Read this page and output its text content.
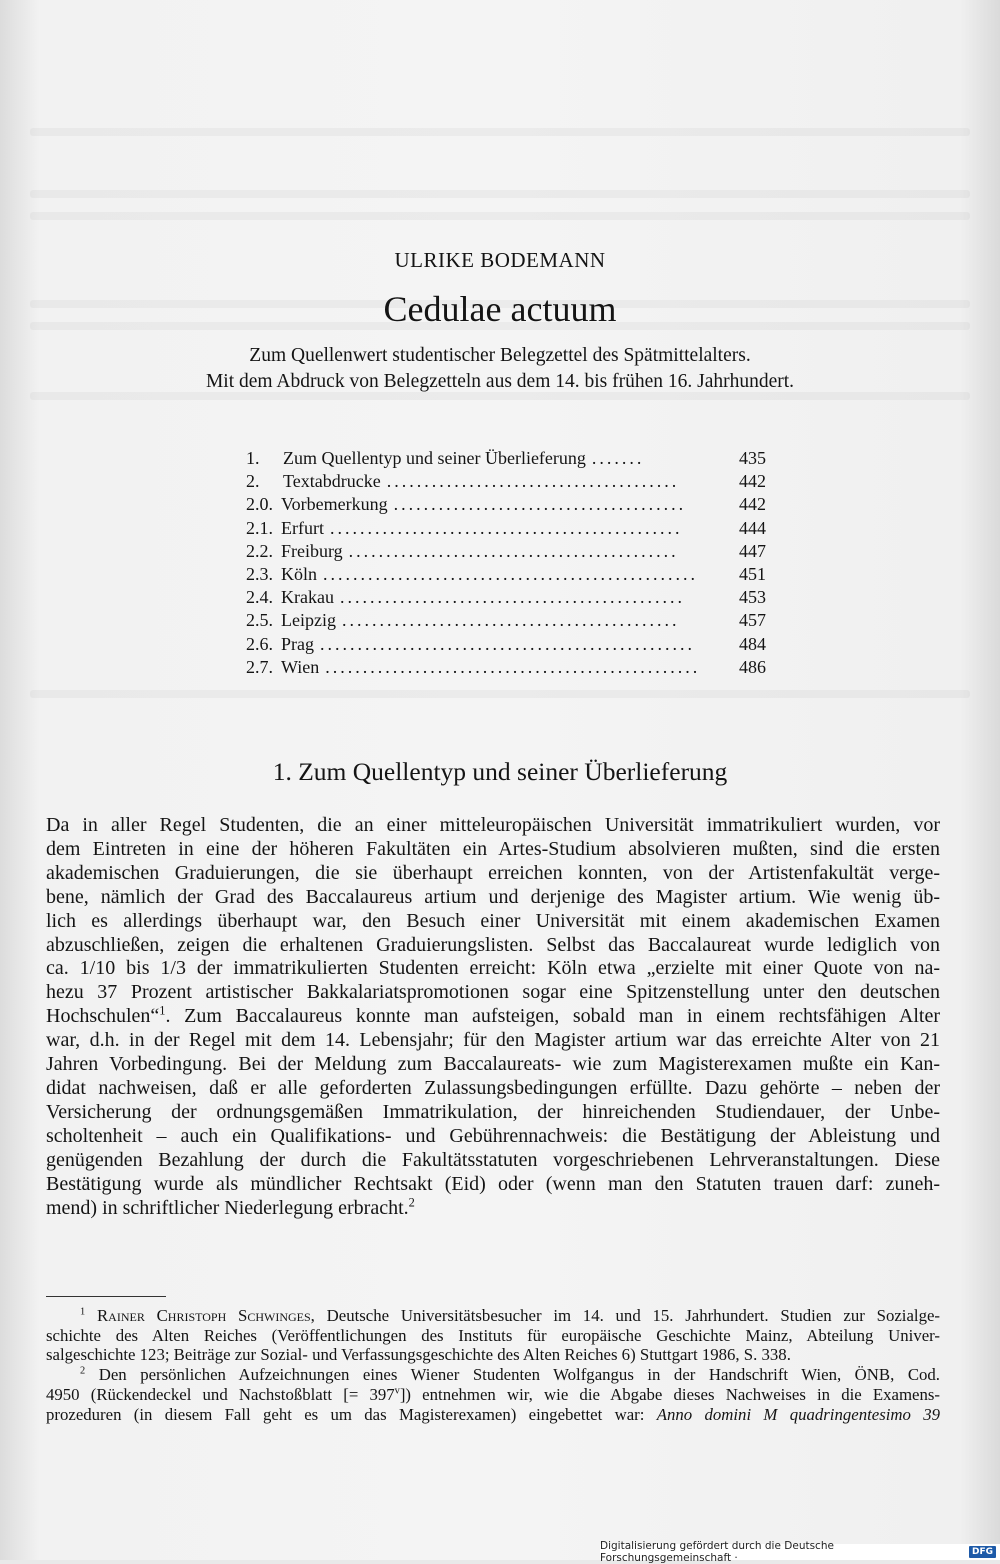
ULRIKE BODEMANN
Cedulae actuum
Zum Quellenwert studentischer Belegzettel des Spätmittelalters.
Mit dem Abdruck von Belegzetteln aus dem 14. bis frühen 16. Jahrhundert.
1.	Zum Quellentyp und seiner Überlieferung .......	435
2.	Textabdrucke .......................................	442
2.0. Vorbemerkung .......................................	442
2.1. Erfurt ...............................................	444
2.2. Freiburg ............................................	447
2.3. Köln ..................................................	451
2.4. Krakau ..............................................	453
2.5. Leipzig .............................................	457
2.6. Prag ..................................................	484
2.7. Wien ..................................................	486
1. Zum Quellentyp und seiner Überlieferung
Da in aller Regel Studenten, die an einer mitteleuropäischen Universität immatrikuliert wurden, vor
dem Eintreten in eine der höheren Fakultäten ein Artes-Studium absolvieren mußten, sind die ersten
akademischen Graduierungen, die sie überhaupt erreichen konnten, von der Artistenfakultät verge-
bene, nämlich der Grad des Baccalaureus artium und derjenige des Magister artium. Wie wenig üb-
lich es allerdings überhaupt war, den Besuch einer Universität mit einem akademischen Examen
abzuschließen, zeigen die erhaltenen Graduierungslisten. Selbst das Baccalaureat wurde lediglich von
ca. 1/10 bis 1/3 der immatrikulierten Studenten erreicht: Köln etwa „erzielte mit einer Quote von na-
hezu 37 Prozent artistischer Bakkalariatspromotionen sogar eine Spitzenstellung unter den deutschen
Hochschulen“$^1$. Zum Baccalaureus konnte man aufsteigen, sobald man in einem rechtsfähigen Alter
war, d.h. in der Regel mit dem 14. Lebensjahr; für den Magister artium war das erreichte Alter von 21
Jahren Vorbedingung. Bei der Meldung zum Baccalaureats- wie zum Magisterexamen mußte ein Kan-
didat nachweisen, daß er alle geforderten Zulassungsbedingungen erfüllte. Dazu gehörte – neben der
Versicherung der ordnungsgemäßen Immatrikulation, der hinreichenden Studiendauer, der Unbe-
scholtenheit – auch ein Qualifikations- und Gebührennachweis: die Bestätigung der Ableistung und
genügenden Bezahlung der durch die Fakultätsstatuten vorgeschriebenen Lehrveranstaltungen. Diese
Bestätigung wurde als mündlicher Rechtsakt (Eid) oder (wenn man den Statuten trauen darf: zuneh-
mend) in schriftlicher Niederlegung erbracht.$^2$
$^1$ Rainer Christoph Schwinges, Deutsche Universitätsbesucher im 14. und 15. Jahrhundert. Studien zur Sozialge-
schichte des Alten Reiches (Veröffentlichungen des Instituts für europäische Geschichte Mainz, Abteilung Univer-
salgeschichte 123; Beiträge zur Sozial- und Verfassungsgeschichte des Alten Reiches 6) Stuttgart 1986, S. 338.
$^2$ Den persönlichen Aufzeichnungen eines Wiener Studenten Wolfgangus in der Handschrift Wien, ÖNB, Cod.
4950 (Rückendeckel und Nachstoßblatt [= $397^v$]) entnehmen wir, wie die Abgabe dieses Nachweises in die Examens-
prozeduren (in diesem Fall geht es um das Magisterexamen) eingebettet war: Anno domini M quadringentesimo 39
Digitalisierung gefördert durch die Deutsche Forschungsgemeinschaft ·	DFG
